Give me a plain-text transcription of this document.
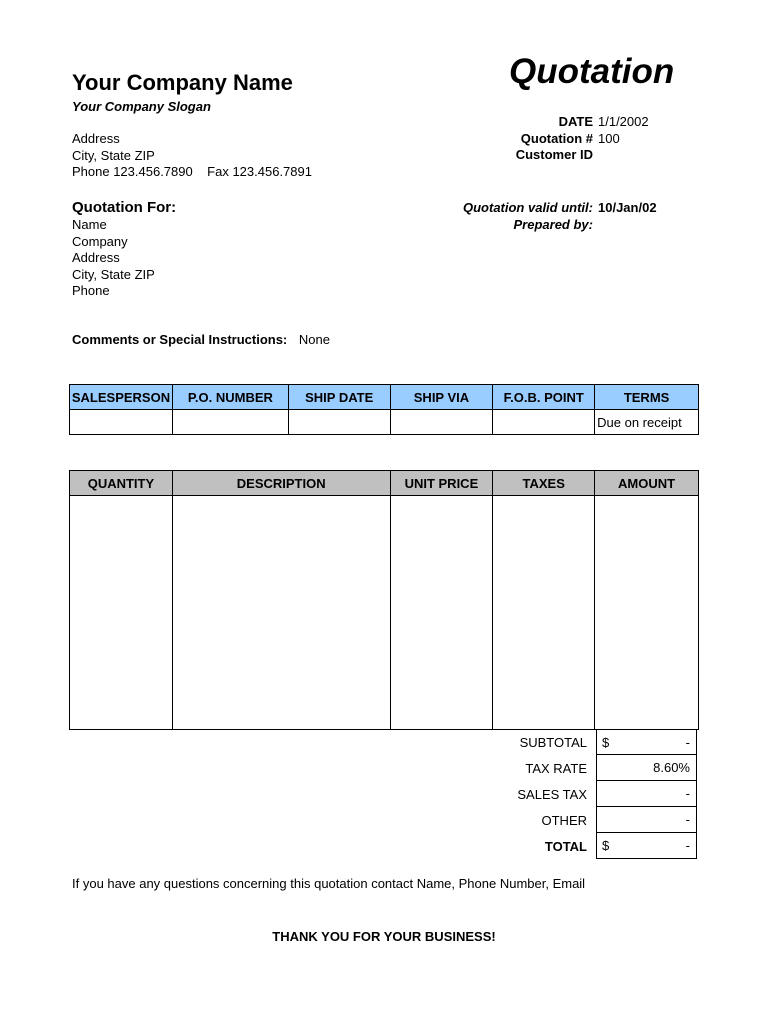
Your Company Name
Your Company Slogan
Quotation
Address
City, State ZIP
Phone 123.456.7890    Fax 123.456.7891
DATE 1/1/2002
Quotation # 100
Customer ID
Quotation For:
Name
Company
Address
City, State ZIP
Phone
Quotation valid until: 10/Jan/02
Prepared by:
Comments or Special Instructions: None
SALESPERSON	P.O. NUMBER	SHIP DATE	SHIP VIA	F.O.B. POINT	TERMS
					Due on receipt
QUANTITY	DESCRIPTION	UNIT PRICE	TAXES	AMOUNT

SUBTOTAL	$	-
TAX RATE	8.60%
SALES TAX	-
OTHER	-
TOTAL	$	-
If you have any questions concerning this quotation contact Name, Phone Number, Email
THANK YOU FOR YOUR BUSINESS!
